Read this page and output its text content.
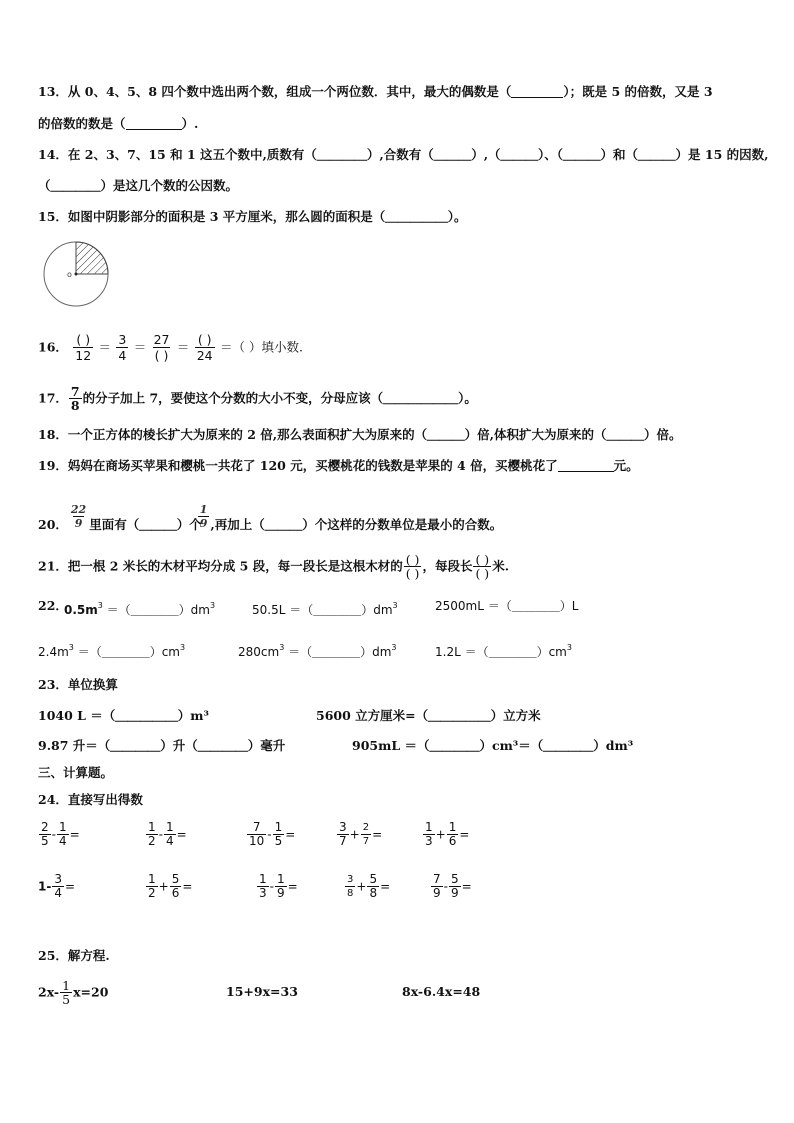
13．从 0、4、5、8 四个数中选出两个数，组成一个两位数．其中，最大的偶数是（	）；既是 5 的倍数，又是 3
的倍数的数是（	）.
14．在 2、3、7、15 和 1 这五个数中,质数有（＿＿＿＿）,合数有（＿＿＿）,（＿＿＿）、（＿＿＿）和（＿＿＿）是 15 的因数,
（＿＿＿＿）是这几个数的公因数。
15．如图中阴影部分的面积是 3 平方厘米，那么圆的面积是（＿＿＿＿＿）。
o
16． $\frac{( )}{12} = \frac{3}{4} = \frac{27}{( )} = \frac{( )}{24}$ ＝（ ）填小数.
17． $\frac{7}{8}$ 的分子加上 7，要使这个分数的大小不变，分母应该（＿＿＿＿＿＿）。
18．一个正方体的棱长扩大为原来的 2 倍,那么表面积扩大为原来的（＿＿＿）倍,体积扩大为原来的（＿＿＿）倍。
19．妈妈在商场买苹果和樱桃一共花了 120 元，买樱桃花的钱数是苹果的 4 倍，买樱桃花了	元。
20． $\frac{22}{9}$ 里面有（＿＿＿）个
$\frac{1}{9}$ ,再加上（＿＿＿）个这样的分数单位是最小的合数。
21．把一根 2 米长的木材平均分成 5 段，每一段长是这根木材的 $\frac{( )}{( )}$ ，每段长 $\frac{( )}{( )}$ 米.
22．
$0.5m^3$ $=(\_\_\_\_)dm^3$	$50.5L =(\_\_\_\_)dm^3$	2500mL ＝（＿＿＿＿）L
$2.4m^3$ $=(\_\_\_\_)cm^3$	$280cm^3$ $=(\_\_\_\_)dm^3$	$1.2L =(\_\_\_\_)cm^3$
23．单位换算
1040 L ＝（＿＿＿＿＿）m³	5600 立方厘米=（＿＿＿＿＿）立方米
9.87 升＝（＿＿＿＿）升（＿＿＿＿）毫升	905mL ＝（＿＿＿＿）cm³＝（＿＿＿＿）dm³
三、计算题。
24．直接写出得数
$\frac{2}{5} - \frac{1}{4}$ =	$\frac{1}{2} - \frac{1}{4}$ =	$\frac{7}{10} - \frac{1}{5}$ =	$\frac{3}{7} + \frac{2}{7}$ =	$\frac{1}{3} + \frac{1}{6}$ =
$1- \frac{3}{4}$ =	$\frac{1}{2} + \frac{5}{6}$ =	$\frac{1}{3} - \frac{1}{9}$ =	$\frac{3}{8} + \frac{5}{8}$ =	$\frac{7}{9} - \frac{5}{9}$ =
25．解方程.
$2x- \frac{1}{5} x=20$	15+9x=33	8x-6.4x=48
